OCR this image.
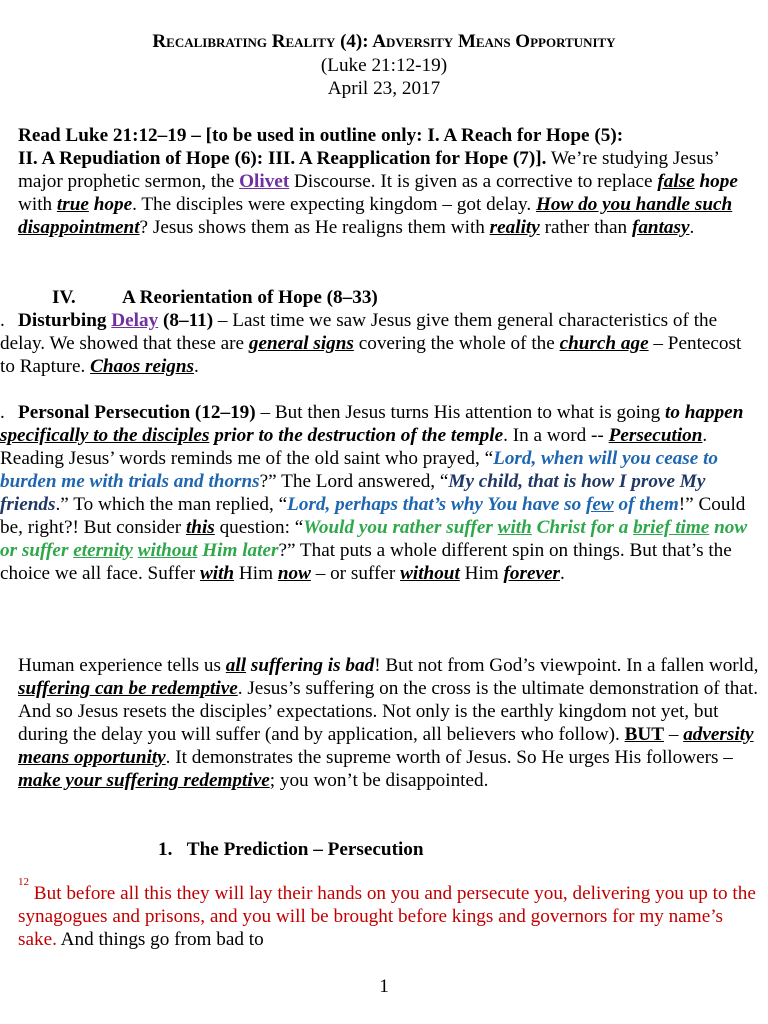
Recalibrating Reality (4): Adversity Means Opportunity
(Luke 21:12-19)
April 23, 2017

Read Luke 21:12–19 – [to be used in outline only: I. A Reach for Hope (5):

II. A Repudiation of Hope (6): III. A Reapplication for Hope (7)]. We’re studying Jesus’ major prophetic sermon, the Olivet Discourse. It is given as a corrective to replace false hope with true hope. The disciples were expecting kingdom – got delay. How do you handle such disappointment? Jesus shows them as He realigns them with reality rather than fantasy.

IV. A Reorientation of Hope (8–33)

. Disturbing Delay (8–11) – Last time we saw Jesus give them general characteristics of the delay. We showed that these are general signs covering the whole of the church age – Pentecost to Rapture. Chaos reigns.

. Personal Persecution (12–19) – But then Jesus turns His attention to what is going to happen specifically to the disciples prior to the destruction of the temple. In a word -- Persecution. Reading Jesus’ words reminds me of the old saint who prayed, “Lord, when will you cease to burden me with trials and thorns?” The Lord answered, “My child, that is how I prove My friends.” To which the man replied, “Lord, perhaps that’s why You have so few of them!” Could be, right?! But consider this question: “Would you rather suffer with Christ for a brief time now or suffer eternity without Him later?” That puts a whole different spin on things. But that’s the choice we all face. Suffer with Him now – or suffer without Him forever.

Human experience tells us all suffering is bad! But not from God’s viewpoint. In a fallen world, suffering can be redemptive. Jesus’s suffering on the cross is the ultimate demonstration of that. And so Jesus resets the disciples’ expectations. Not only is the earthly kingdom not yet, but during the delay you will suffer (and by application, all believers who follow). BUT – adversity means opportunity. It demonstrates the supreme worth of Jesus. So He urges His followers – make your suffering redemptive; you won’t be disappointed.

1. The Prediction – Persecution

$^{12}$ But before all this they will lay their hands on you and persecute you, delivering you up to the synagogues and prisons, and you will be brought before kings and governors for my name’s sake. And things go from bad to

1
